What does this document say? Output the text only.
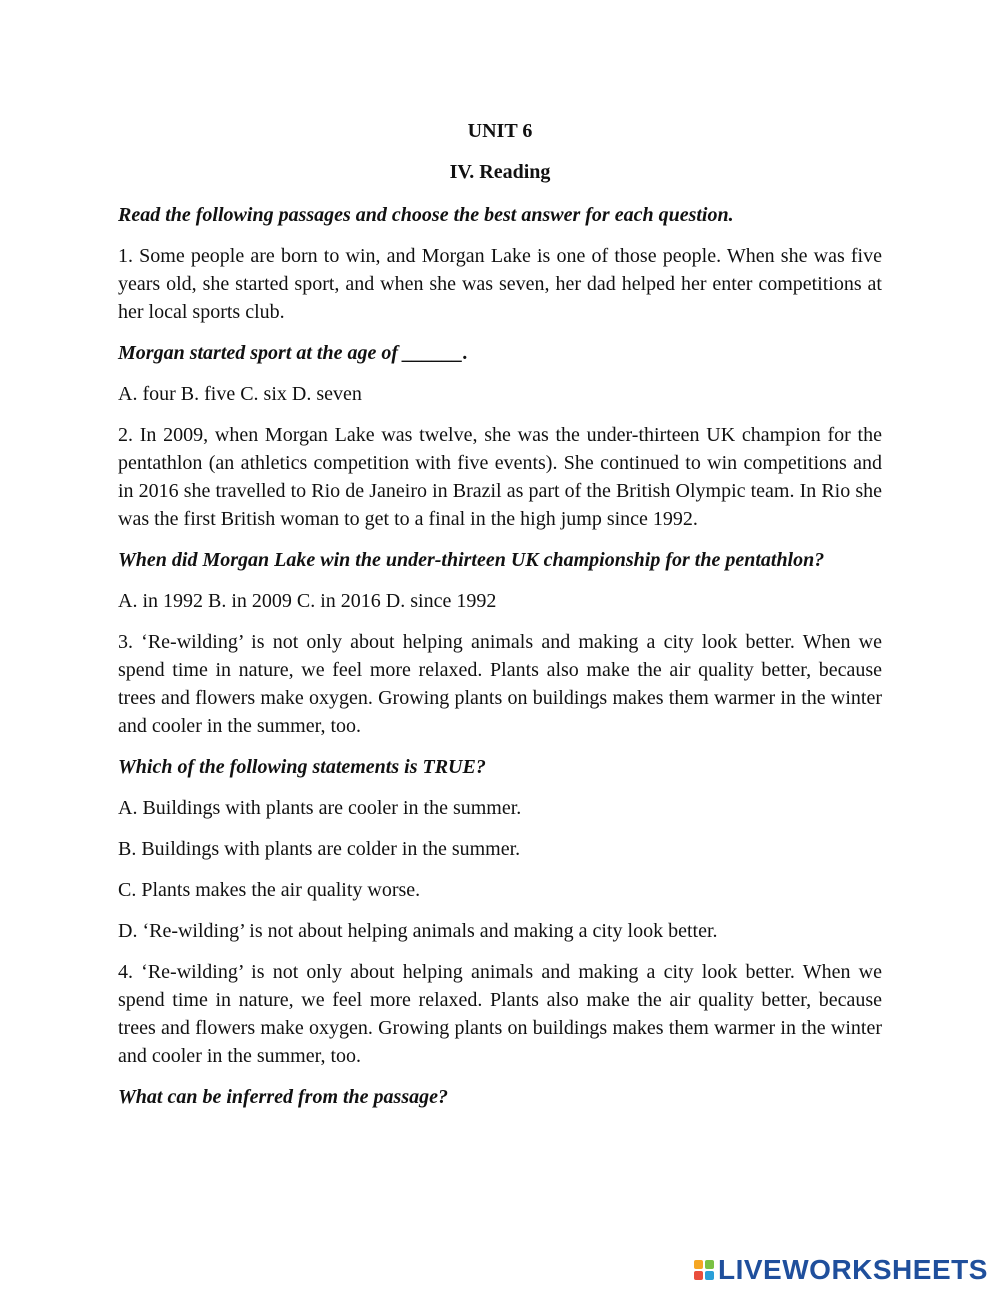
UNIT 6

IV. Reading

Read the following passages and choose the best answer for each question.

1. Some people are born to win, and Morgan Lake is one of those people. When she was five years old, she started sport, and when she was seven, her dad helped her enter competitions at her local sports club.

Morgan started sport at the age of ______.

A. four B. five C. six D. seven

2. In 2009, when Morgan Lake was twelve, she was the under-thirteen UK champion for the pentathlon (an athletics competition with five events). She continued to win competitions and in 2016 she travelled to Rio de Janeiro in Brazil as part of the British Olympic team. In Rio she was the first British woman to get to a final in the high jump since 1992.

When did Morgan Lake win the under-thirteen UK championship for the pentathlon?

A. in 1992 B. in 2009 C. in 2016 D. since 1992

3. ‘Re-wilding’ is not only about helping animals and making a city look better. When we spend time in nature, we feel more relaxed. Plants also make the air quality better, because trees and flowers make oxygen. Growing plants on buildings makes them warmer in the winter and cooler in the summer, too.

Which of the following statements is TRUE?

A. Buildings with plants are cooler in the summer.

B. Buildings with plants are colder in the summer.

C. Plants makes the air quality worse.

D. ‘Re-wilding’ is not about helping animals and making a city look better.

4. ‘Re-wilding’ is not only about helping animals and making a city look better. When we spend time in nature, we feel more relaxed. Plants also make the air quality better, because trees and flowers make oxygen. Growing plants on buildings makes them warmer in the winter and cooler in the summer, too.

What can be inferred from the passage?

LIVEWORKSHEETS
